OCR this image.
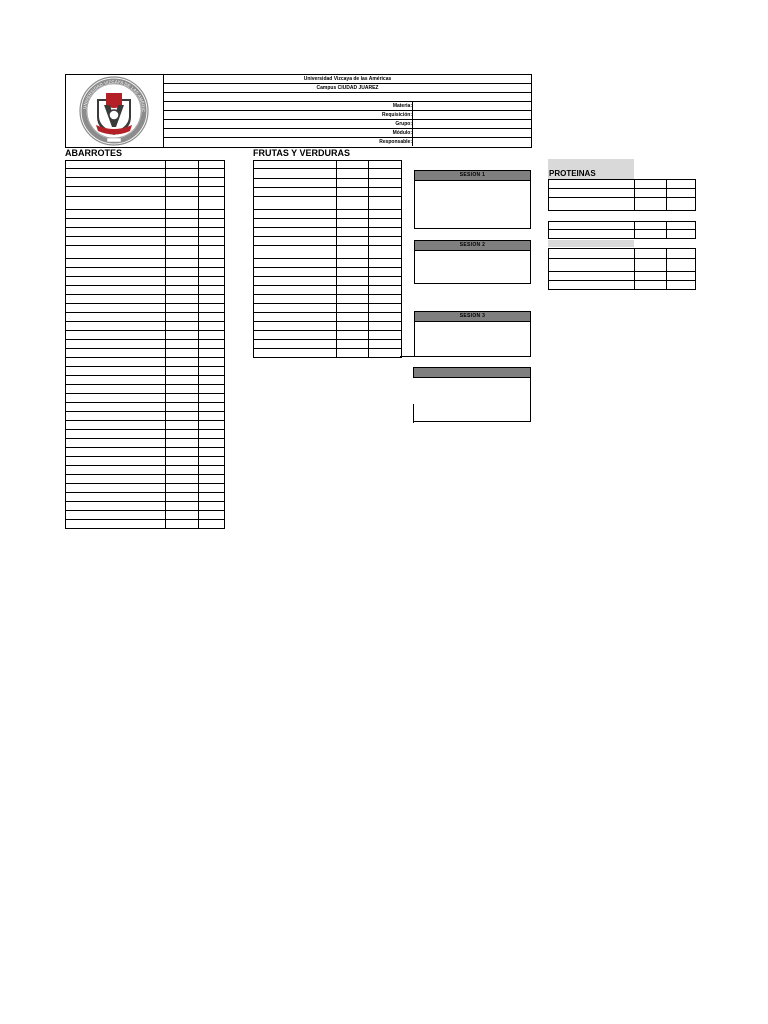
UNIVERSIDAD VIZCAYA DE LAS AMÉRIC
Universidad Vizcaya de las Américas
Campus CIUDAD JUAREZ
Materia:
Requisición:
Grupo:
Módulo:
Responsable:
ABARROTES	FRUTAS Y VERDURAS
PROTEINAS

SESION 1
SESION 2
SESION 3
